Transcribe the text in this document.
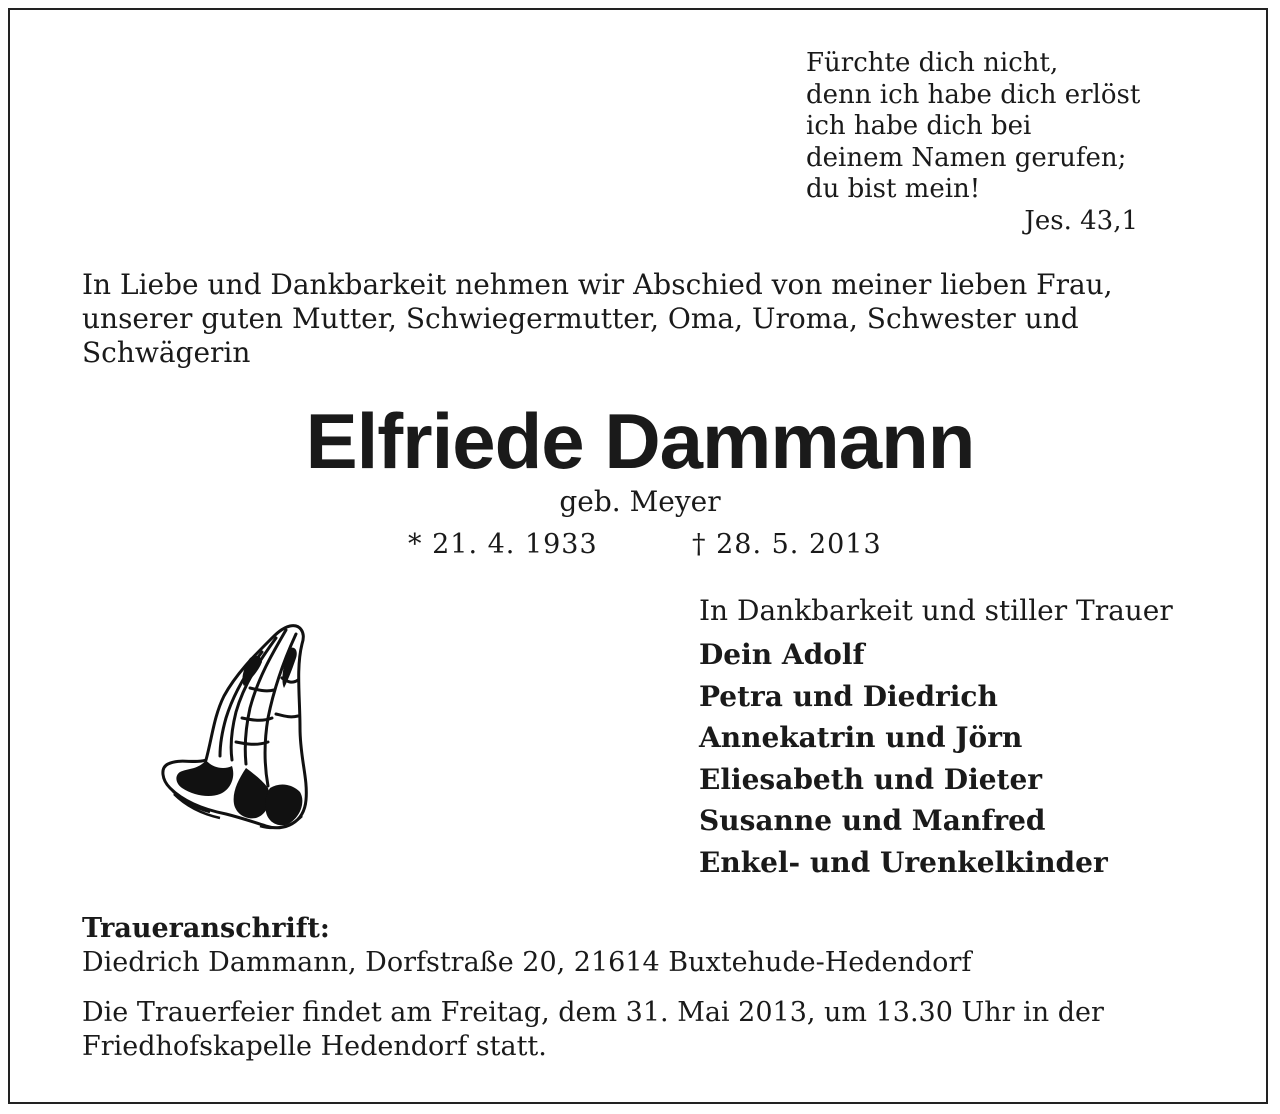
Fürchte dich nicht,
denn ich habe dich erlöst
ich habe dich bei
deinem Namen gerufen;
du bist mein!
Jes. 43,1
In Liebe und Dankbarkeit nehmen wir Abschied von meiner lieben Frau,
unserer guten Mutter, Schwiegermutter, Oma, Uroma, Schwester und
Schwägerin
Elfriede Dammann
geb. Meyer
* 21. 4. 1933	† 28. 5. 2013
In Dankbarkeit und stiller Trauer
Dein Adolf
Petra und Diedrich
Annekatrin und Jörn
Eliesabeth und Dieter
Susanne und Manfred
Enkel- und Urenkelkinder
Traueranschrift:
Diedrich Dammann, Dorfstraße 20, 21614 Buxtehude-Hedendorf
Die Trauerfeier findet am Freitag, dem 31. Mai 2013, um 13.30 Uhr in der
Friedhofskapelle Hedendorf statt.
